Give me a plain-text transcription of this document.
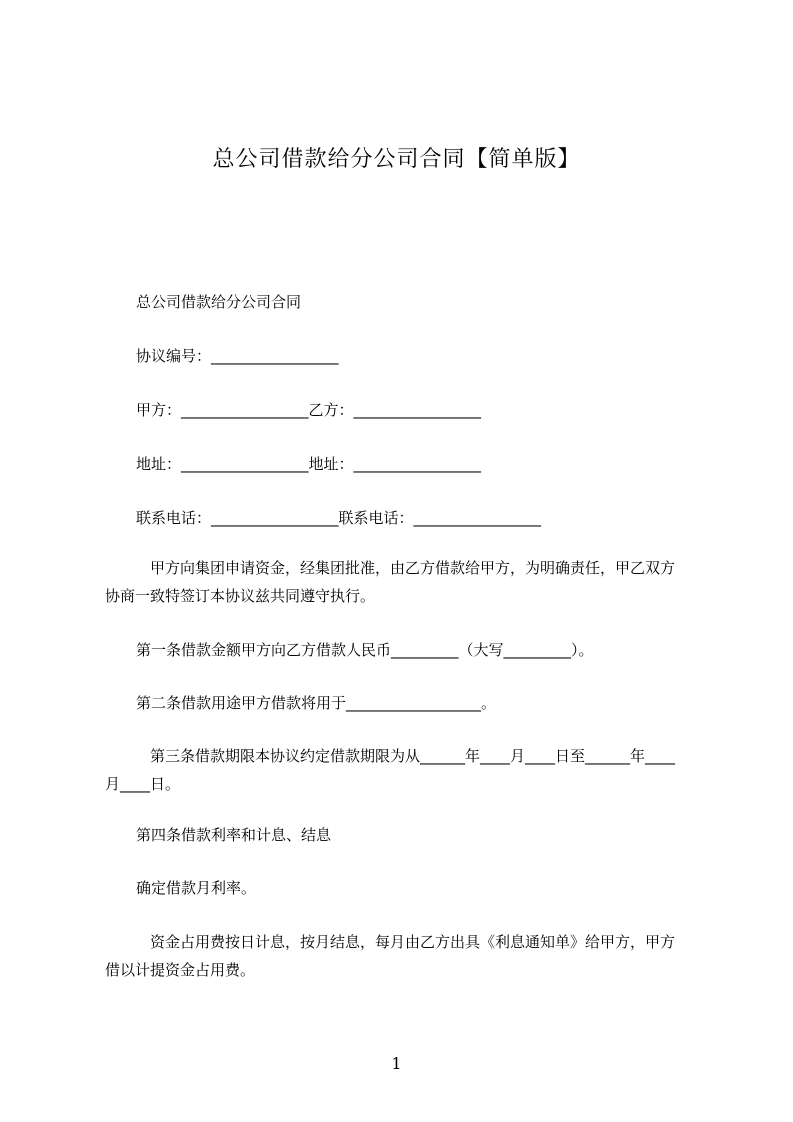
总公司借款给分公司合同【简单版】
总公司借款给分公司合同
协议编号：_________________
甲方：_________________乙方：_________________
地址：_________________地址：_________________
联系电话：_________________联系电话：_________________
　甲方向集团申请资金，经集团批准，由乙方借款给甲方，为明确责任，甲乙双方
协商一致特签订本协议兹共同遵守执行。
第一条借款金额甲方向乙方借款人民币_________（大写_________）。
第二条借款用途甲方借款将用于__________________。
　第三条借款期限本协议约定借款期限为从______年____月____日至______年____
月____日。
第四条借款利率和计息、结息
确定借款月利率。
　资金占用费按日计息，按月结息，每月由乙方出具《利息通知单》给甲方，甲方
借以计提资金占用费。
1
